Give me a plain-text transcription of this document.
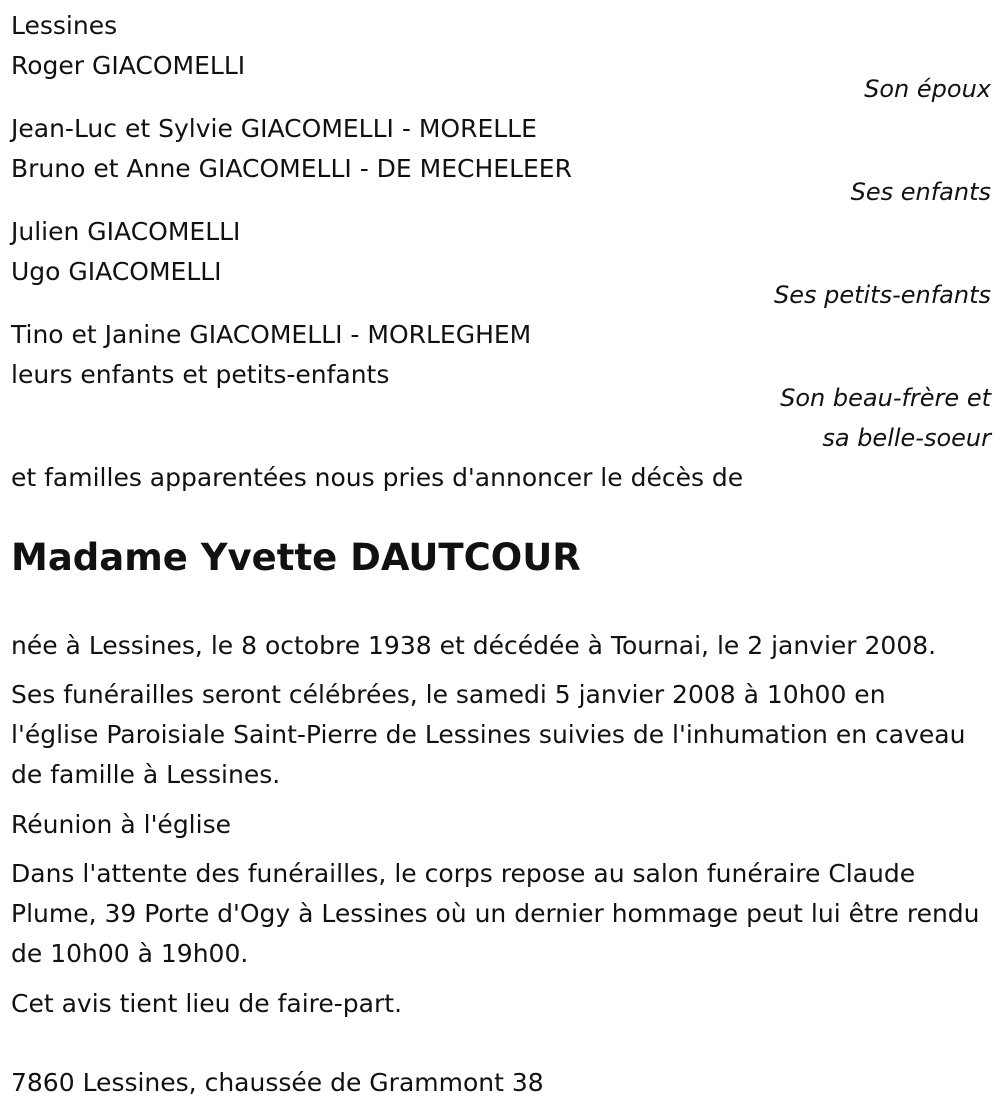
Lessines
Roger GIACOMELLI
Son époux
Jean-Luc et Sylvie GIACOMELLI - MORELLE
Bruno et Anne GIACOMELLI - DE MECHELEER
Ses enfants
Julien GIACOMELLI
Ugo GIACOMELLI
Ses petits-enfants
Tino et Janine GIACOMELLI - MORLEGHEM
leurs enfants et petits-enfants
Son beau-frère et
sa belle-soeur
et familles apparentées nous pries d'annoncer le décès de
Madame Yvette DAUTCOUR
née à Lessines, le 8 octobre 1938 et décédée à Tournai, le 2 janvier 2008.
Ses funérailles seront célébrées, le samedi 5 janvier 2008 à 10h00 en l'église Paroisiale Saint-Pierre de Lessines suivies de l'inhumation en caveau de famille à Lessines.
Réunion à l'église
Dans l'attente des funérailles, le corps repose au salon funéraire Claude Plume, 39 Porte d'Ogy à Lessines où un dernier hommage peut lui être rendu de 10h00 à 19h00.
Cet avis tient lieu de faire-part.
7860 Lessines, chaussée de Grammont 38
